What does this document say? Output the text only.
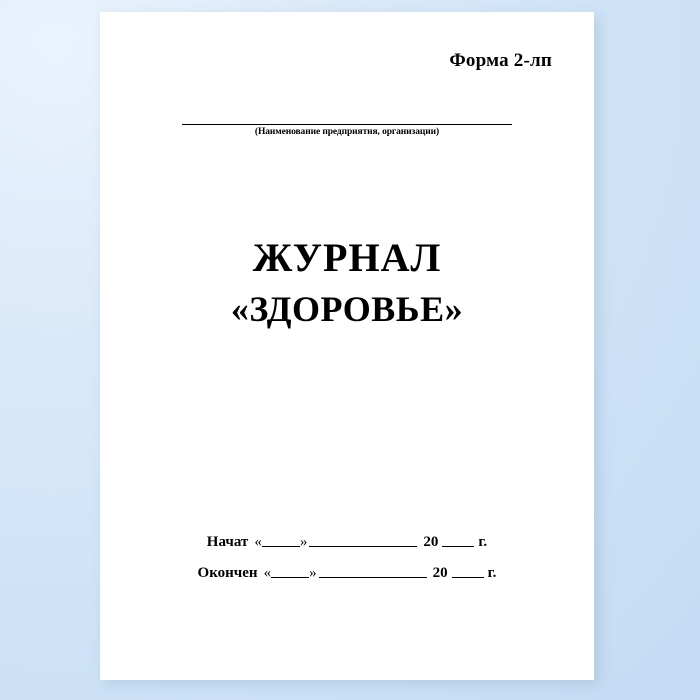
Форма 2-лп
(Наименование предприятия, организации)
ЖУРНАЛ
«ЗДОРОВЬЕ»
Начат «	»	20	г.
Окончен «	»	20	г.
